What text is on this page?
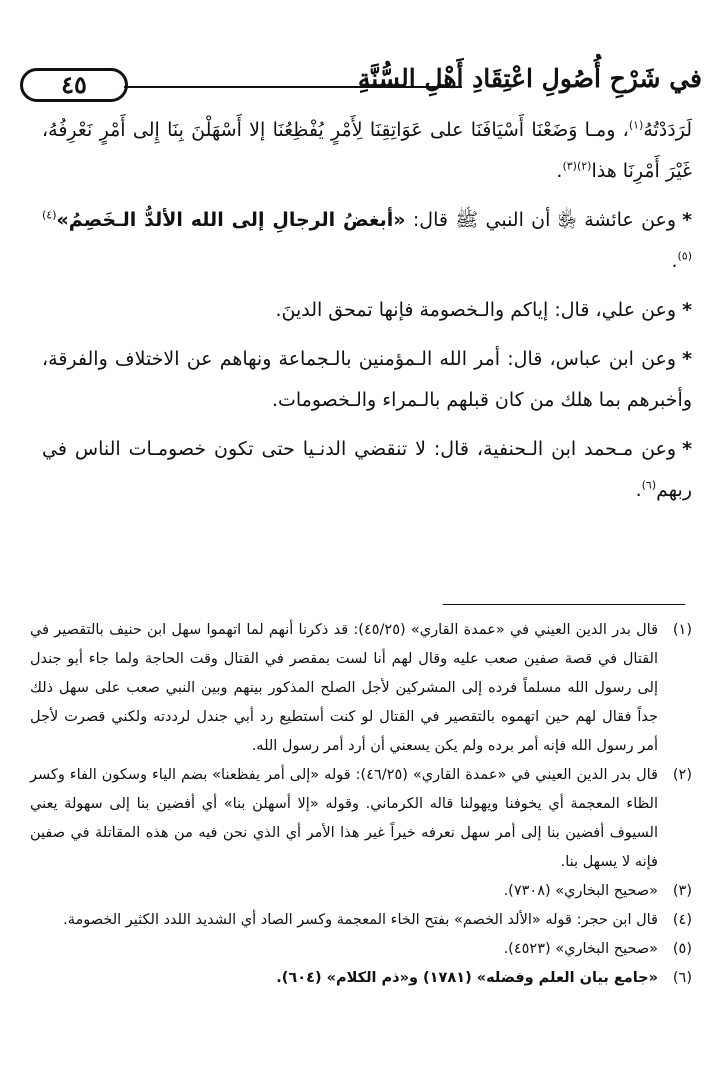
٤٥	في شَرْحِ أُصُولِ اعْتِقَادِ أَهْلِ السُّنَّةِ

لَرَدَدْتُهُ$^{(١)}$، ومـا وَضَعْنَا أَسْيَافَنَا على عَوَاتِقِنَا لِأَمْرٍ يُفْظِعُنَا إلا أَسْهَلْنَ بِنَا إِلى أَمْرٍ نَعْرِفُهُ، غَيْرَ أَمْرِنَا هذا$^{(٢)(٣)}$.

*وعن عائشة ﵂ أن النبي ﷺ قال: «أبغضُ الرجالِ إلى الله الألدُّ الـخَصِمُ»$^{(٤)(٥)}$.

*وعن علي، قال: إياكم والـخصومة فإنها تمحق الدينَ.

*وعن ابن عباس، قال: أمر الله الـمؤمنين بالـجماعة ونهاهم عن الاختلاف والفرقة، وأخبرهم بما هلك من كان قبلهم بالـمراء والـخصومات.

*وعن مـحمد ابن الـحنفية، قال: لا تنقضي الدنـيا حتى تكون خصومـات الناس في ربهم$^{(٦)}$.

(١)
قال بدر الدين العيني في «عمدة القاري» (٤٥/٢٥): قد ذكرنا أنهم لما اتهموا سهل ابن حنيف بالتقصير في القتال في قصة صفين صعب عليه وقال لهم أنا لست بمقصر في القتال وقت الحاجة ولما جاء أبو جندل إلى رسول الله مسلماً فرده إلى المشركين لأجل الصلح المذكور بينهم وبين النبي صعب على سهل ذلك جداً فقال لهم حين اتهموه بالتقصير في القتال لو كنت أستطيع رد أبي جندل لرددته ولكني قصرت لأجل أمر رسول الله فإنه أمر برده ولم يكن يسعني أن أرد أمر رسول الله.
(٢)
قال بدر الدين العيني في «عمدة القاري» (٤٦/٢٥): قوله «إلى أمر يفظعنا» بضم الياء وسكون الفاء وكسر الظاء المعجمة أي يخوفنا ويهولنا قاله الكرماني. وقوله «إلا أسهلن بنا» أي أفضين بنا إلى سهولة يعني السيوف أفضين بنا إلى أمر سهل نعرفه خيراً غير هذا الأمر أي الذي نحن فيه من هذه المقاتلة في صفين فإنه لا يسهل بنا.
(٣)
«صحيح البخاري» (٧٣٠٨).
(٤)
قال ابن حجر: قوله «الألد الخصم» بفتح الخاء المعجمة وكسر الصاد أي الشديد اللدد الكثير الخصومة.
(٥)
«صحيح البخاري» (٤٥٢٣).
(٦)
«جامع بيان العلم وفضله» (١٧٨١) و«ذم الكلام» (٦٠٤).
